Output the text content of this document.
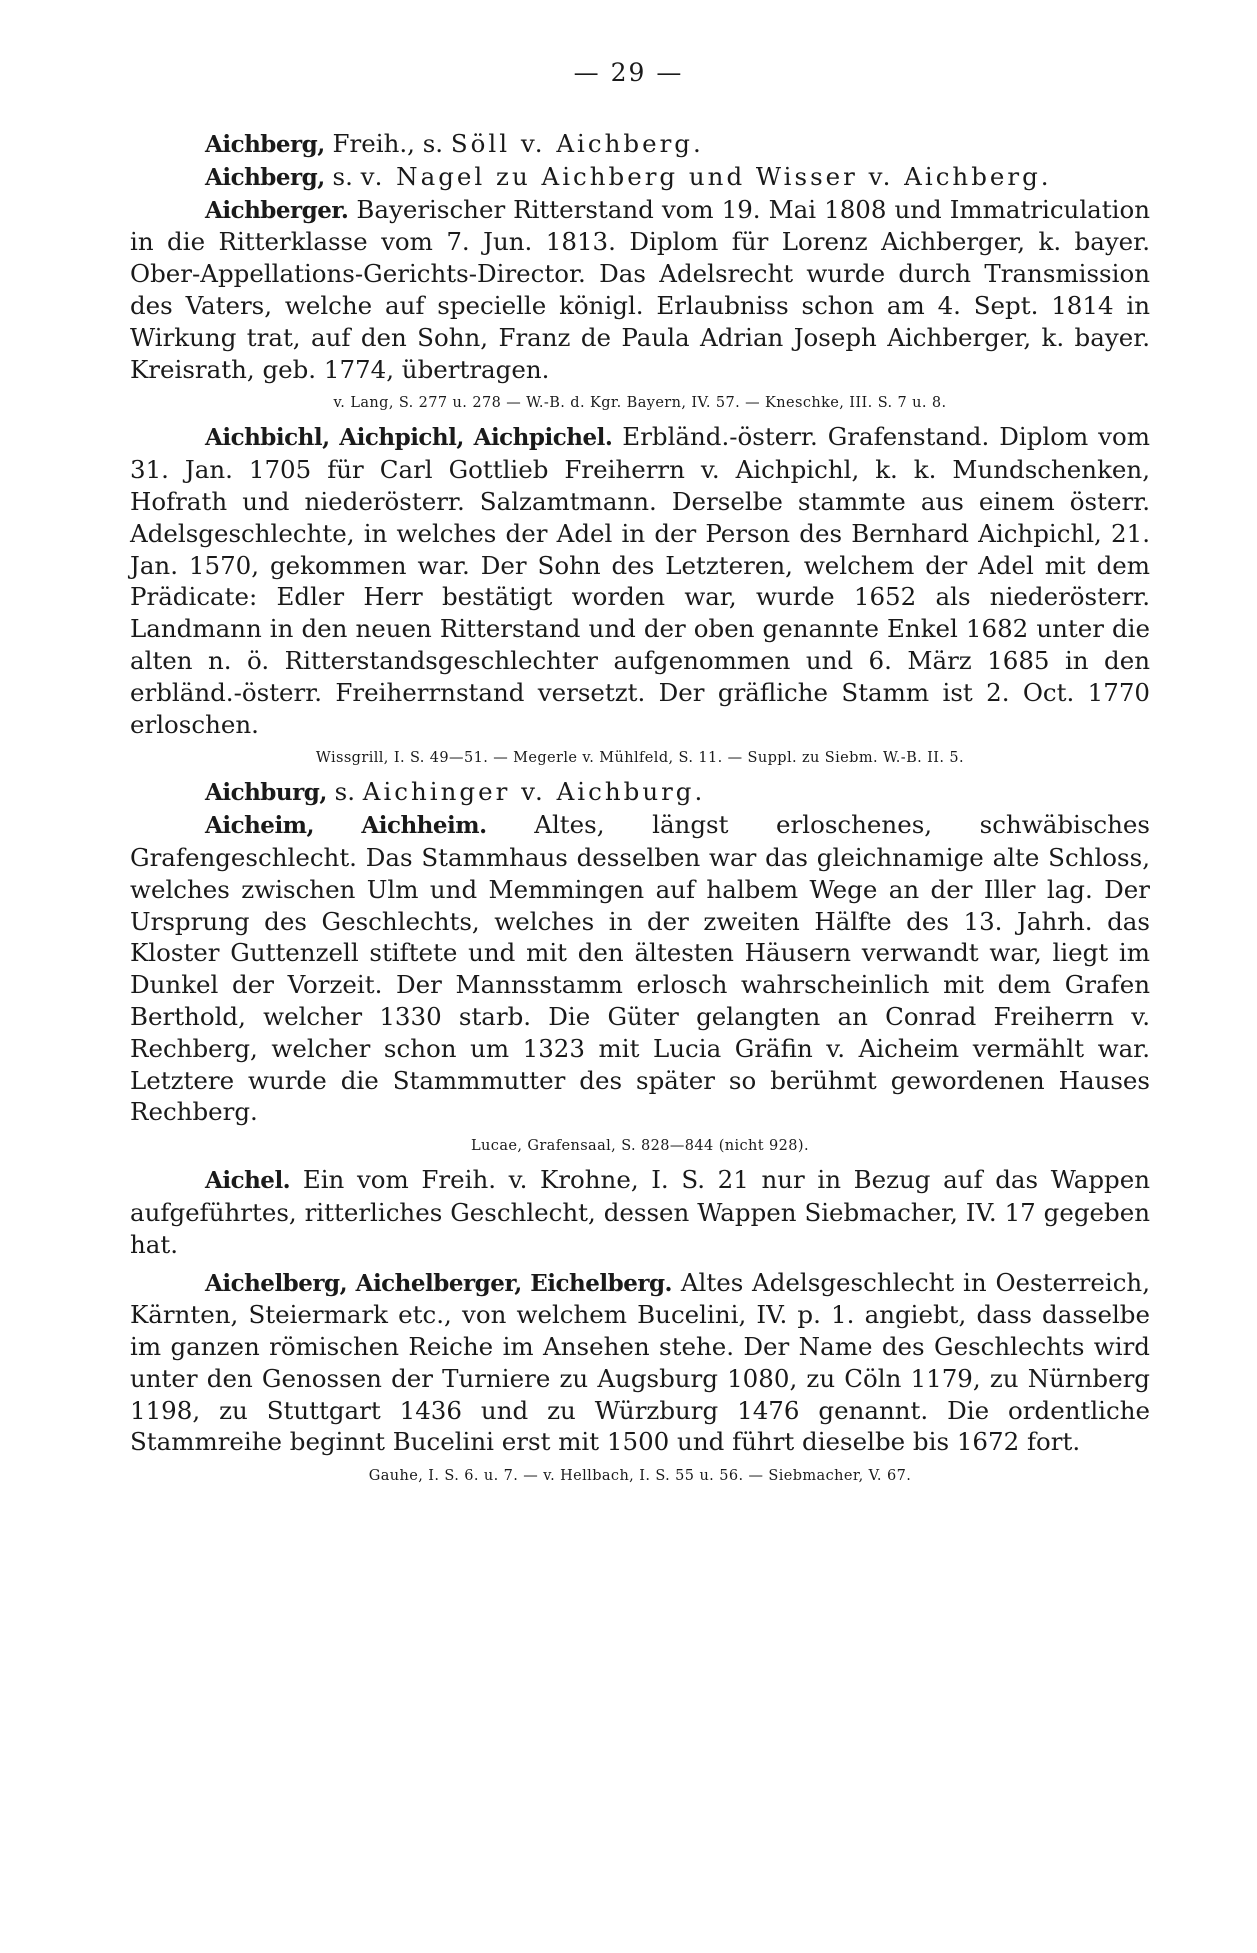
— 29 —

Aichberg, Freih., s. Söll v. Aichberg.

Aichberg, s. v. Nagel zu Aichberg und Wisser v. Aichberg.

Aichberger. Bayerischer Ritterstand vom 19. Mai 1808 und Immatriculation in die Ritterklasse vom 7. Jun. 1813. Diplom für Lorenz Aichberger, k. bayer. Ober-Appellations-Gerichts-Director. Das Adelsrecht wurde durch Transmission des Vaters, welche auf specielle königl. Erlaubniss schon am 4. Sept. 1814 in Wirkung trat, auf den Sohn, Franz de Paula Adrian Joseph Aichberger, k. bayer. Kreisrath, geb. 1774, übertragen.

v. Lang, S. 277 u. 278 — W.-B. d. Kgr. Bayern, IV. 57. — Kneschke, III. S. 7 u. 8.

Aichbichl, Aichpichl, Aichpichel. Erbländ.-österr. Grafenstand. Diplom vom 31. Jan. 1705 für Carl Gottlieb Freiherrn v. Aichpichl, k. k. Mundschenken, Hofrath und niederösterr. Salzamtmann. Derselbe stammte aus einem österr. Adelsgeschlechte, in welches der Adel in der Person des Bernhard Aichpichl, 21. Jan. 1570, gekommen war. Der Sohn des Letzteren, welchem der Adel mit dem Prädicate: Edler Herr bestätigt worden war, wurde 1652 als niederösterr. Landmann in den neuen Ritterstand und der oben genannte Enkel 1682 unter die alten n. ö. Ritterstandsgeschlechter aufgenommen und 6. März 1685 in den erbländ.-österr. Freiherrnstand versetzt. Der gräfliche Stamm ist 2. Oct. 1770 erloschen.

Wissgrill, I. S. 49—51. — Megerle v. Mühlfeld, S. 11. — Suppl. zu Siebm. W.-B. II. 5.

Aichburg, s. Aichinger v. Aichburg.

Aicheim, Aichheim. Altes, längst erloschenes, schwäbisches Grafengeschlecht. Das Stammhaus desselben war das gleichnamige alte Schloss, welches zwischen Ulm und Memmingen auf halbem Wege an der Iller lag. Der Ursprung des Geschlechts, welches in der zweiten Hälfte des 13. Jahrh. das Kloster Guttenzell stiftete und mit den ältesten Häusern verwandt war, liegt im Dunkel der Vorzeit. Der Mannsstamm erlosch wahrscheinlich mit dem Grafen Berthold, welcher 1330 starb. Die Güter gelangten an Conrad Freiherrn v. Rechberg, welcher schon um 1323 mit Lucia Gräfin v. Aicheim vermählt war. Letztere wurde die Stammmutter des später so berühmt gewordenen Hauses Rechberg.

Lucae, Grafensaal, S. 828—844 (nicht 928).

Aichel. Ein vom Freih. v. Krohne, I. S. 21 nur in Bezug auf das Wappen aufgeführtes, ritterliches Geschlecht, dessen Wappen Siebmacher, IV. 17 gegeben hat.

Aichelberg, Aichelberger, Eichelberg. Altes Adelsgeschlecht in Oesterreich, Kärnten, Steiermark etc., von welchem Bucelini, IV. p. 1. angiebt, dass dasselbe im ganzen römischen Reiche im Ansehen stehe. Der Name des Geschlechts wird unter den Genossen der Turniere zu Augsburg 1080, zu Cöln 1179, zu Nürnberg 1198, zu Stuttgart 1436 und zu Würzburg 1476 genannt. Die ordentliche Stammreihe beginnt Bucelini erst mit 1500 und führt dieselbe bis 1672 fort.

Gauhe, I. S. 6. u. 7. — v. Hellbach, I. S. 55 u. 56. — Siebmacher, V. 67.
